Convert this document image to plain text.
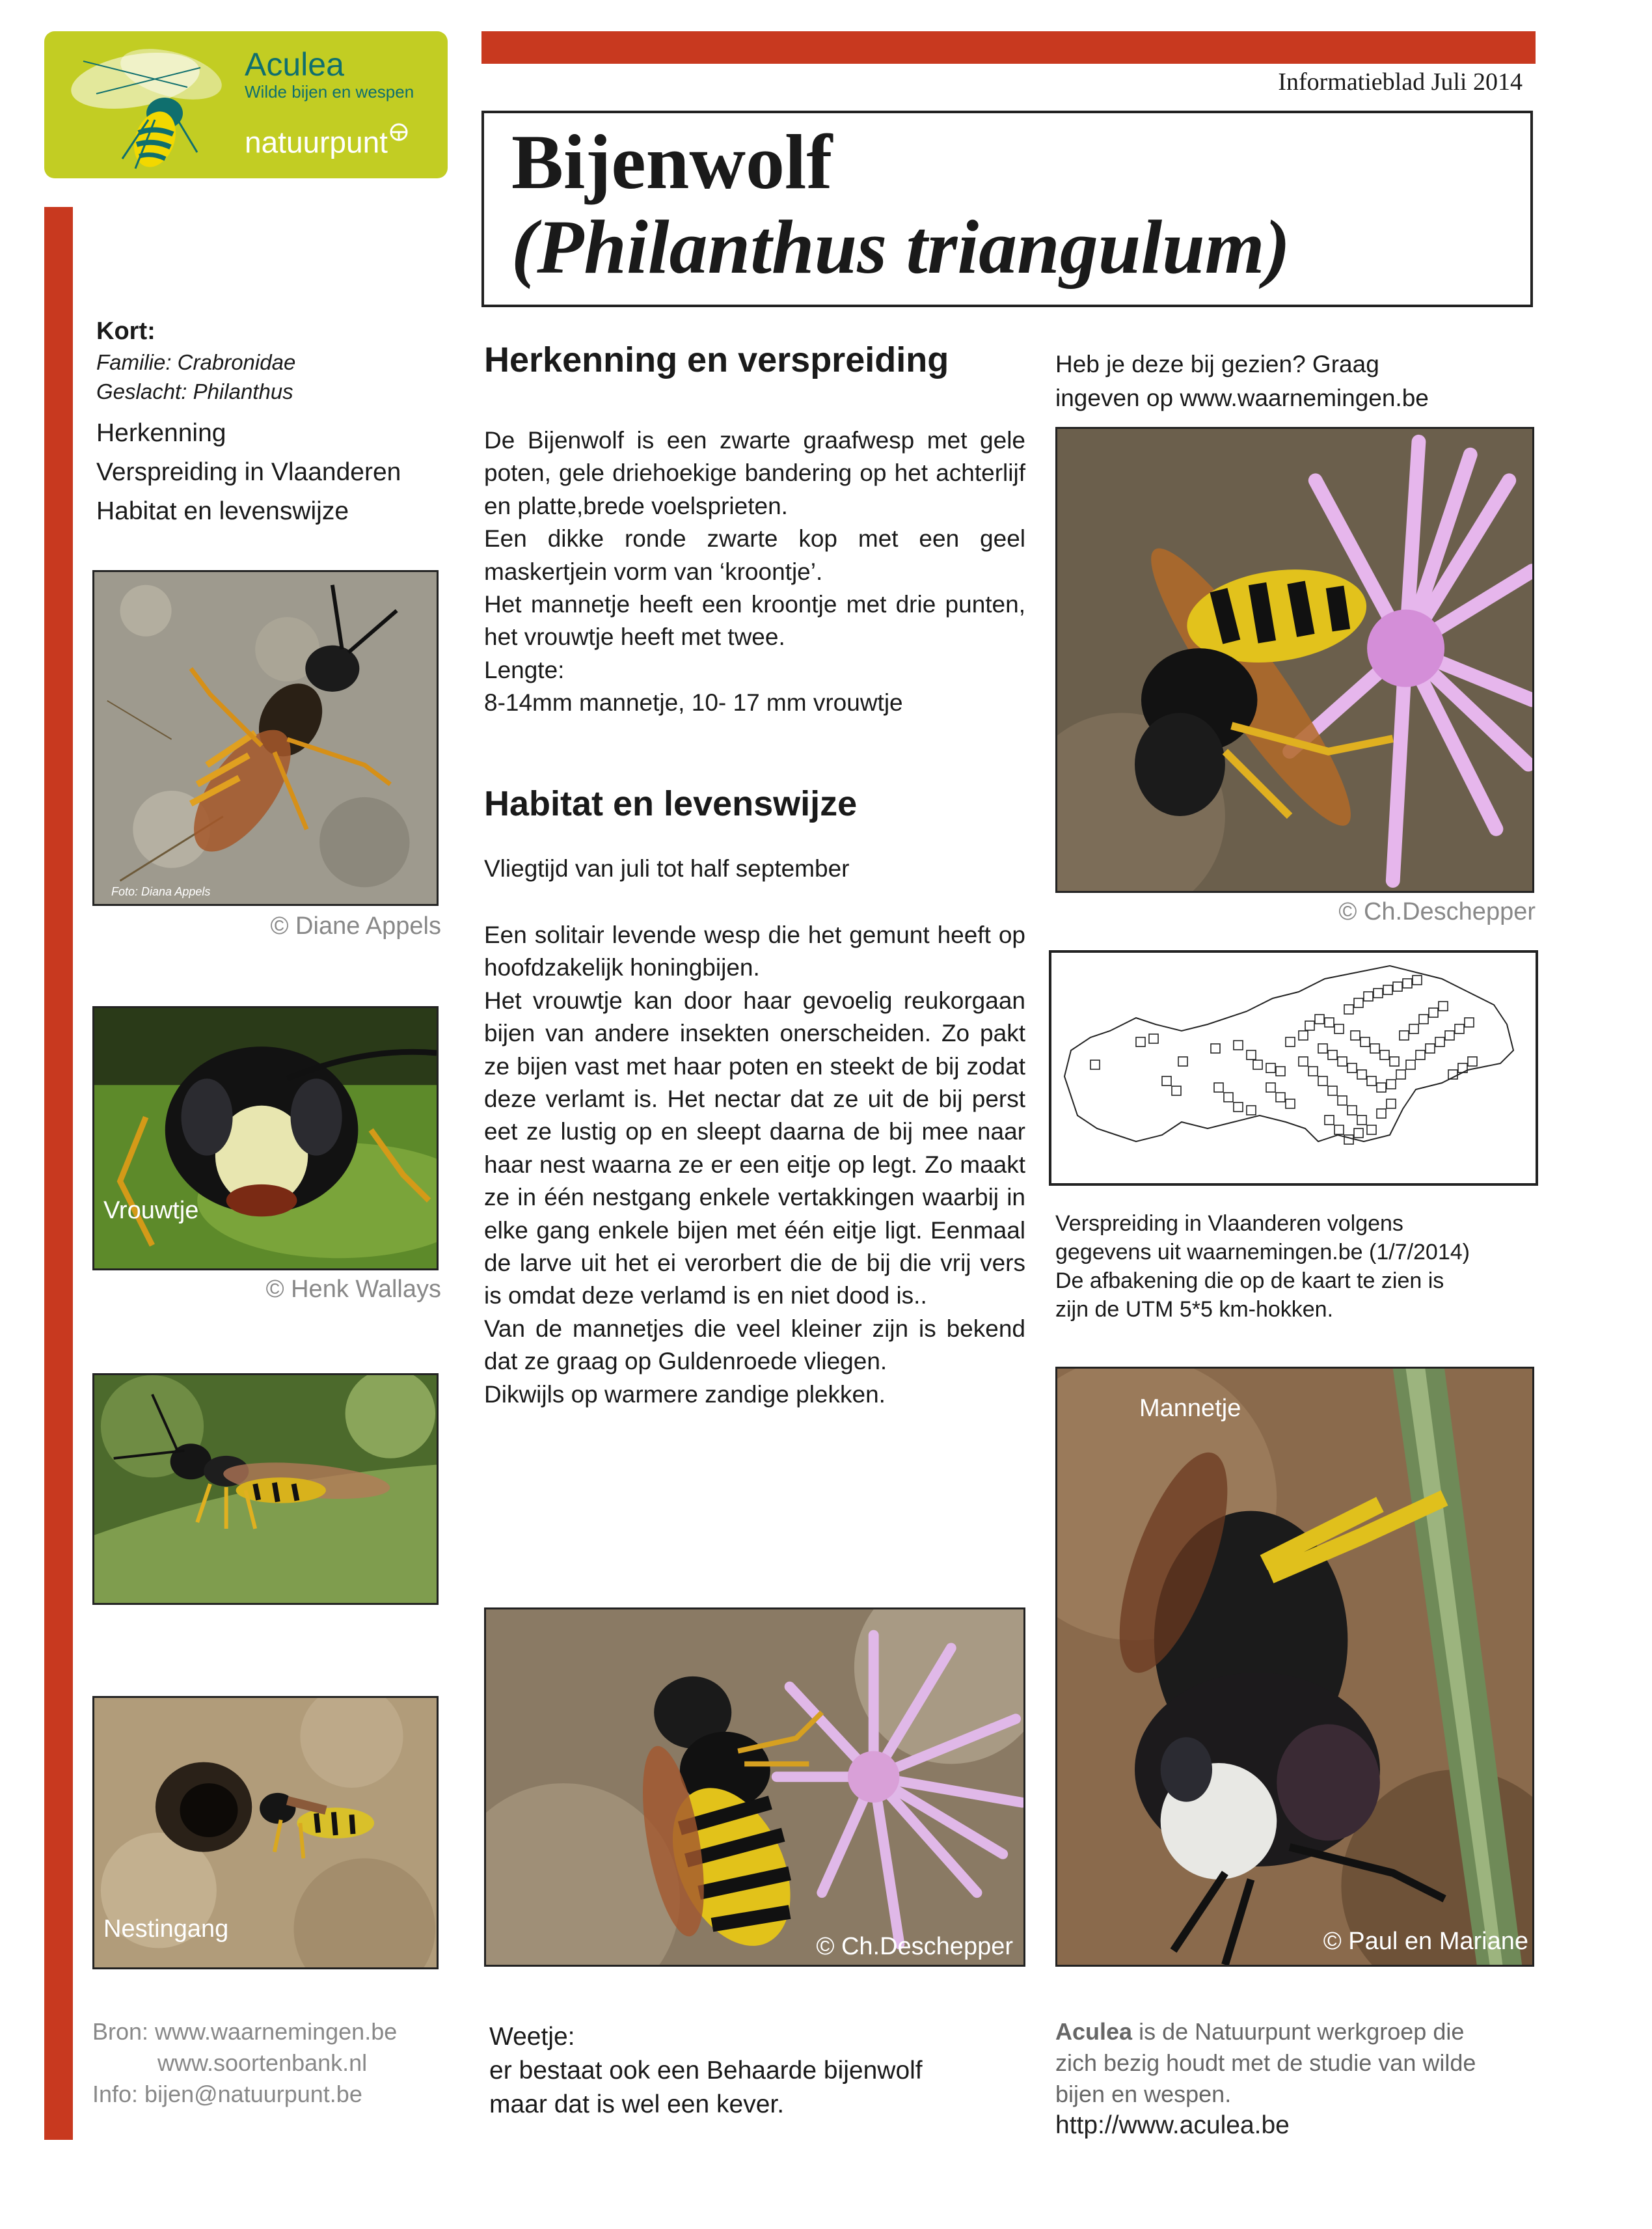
Aculea
Wilde bijen en wespen
natuurpunt
Informatieblad Juli 2014
Bijenwolf
(Philanthus triangulum)
Kort:
Familie: Crabronidae
Geslacht: Philanthus
Herkenning
Verspreiding in Vlaanderen
Habitat en levenswijze
Foto: Diana Appels
© Diane Appels
Vrouwtje
© Henk Wallays
Nestingang
Herkenning en verspreiding
De Bijenwolf is een zwarte graafwesp met gele poten, gele driehoekige bandering op het achterlijf en platte,brede voelsprieten.
Een dikke ronde zwarte kop met een geel maskertjein vorm van ‘kroontje’.
Het mannetje heeft een kroontje met drie punten, het vrouwtje heeft met twee.
Lengte:
8-14mm mannetje, 10- 17 mm vrouwtje
Habitat en levenswijze
Vliegtijd van juli tot half september
Een solitair levende wesp die het gemunt heeft op hoofdzakelijk honingbijen.
Het vrouwtje kan door haar gevoelig reukorgaan bijen van andere insekten onerscheiden. Zo pakt ze bijen vast met haar poten en steekt de bij zodat deze verlamt is. Het nectar dat ze uit de bij perst eet ze lustig op en sleept daarna de bij mee naar haar nest waarna ze er een eitje op legt. Zo maakt ze in één nestgang enkele vertakkingen waarbij in elke gang enkele bijen met één eitje ligt. Eenmaal de larve uit het ei verorbert die de bij die vrij vers is omdat deze verlamd is en niet dood is..
Van de mannetjes die veel kleiner zijn is bekend dat ze graag op Guldenroede vliegen.
Dikwijls op warmere zandige plekken.
© Ch.Deschepper
Heb je deze bij gezien? Graag
ingeven op www.waarnemingen.be
© Ch.Deschepper
Verspreiding in Vlaanderen volgens
gegevens uit waarnemingen.be (1/7/2014)
De afbakening die op de kaart te zien is
zijn de UTM 5*5 km-hokken.
Mannetje
© Paul en Mariane
Bron: www.waarnemingen.be
www.soortenbank.nl
Info: bijen@natuurpunt.be
Weetje:
er bestaat ook een Behaarde bijenwolf
maar dat is wel een kever.
Aculea is de Natuurpunt werkgroep die
zich bezig houdt met de studie van wilde
bijen en wespen.
http://www.aculea.be
